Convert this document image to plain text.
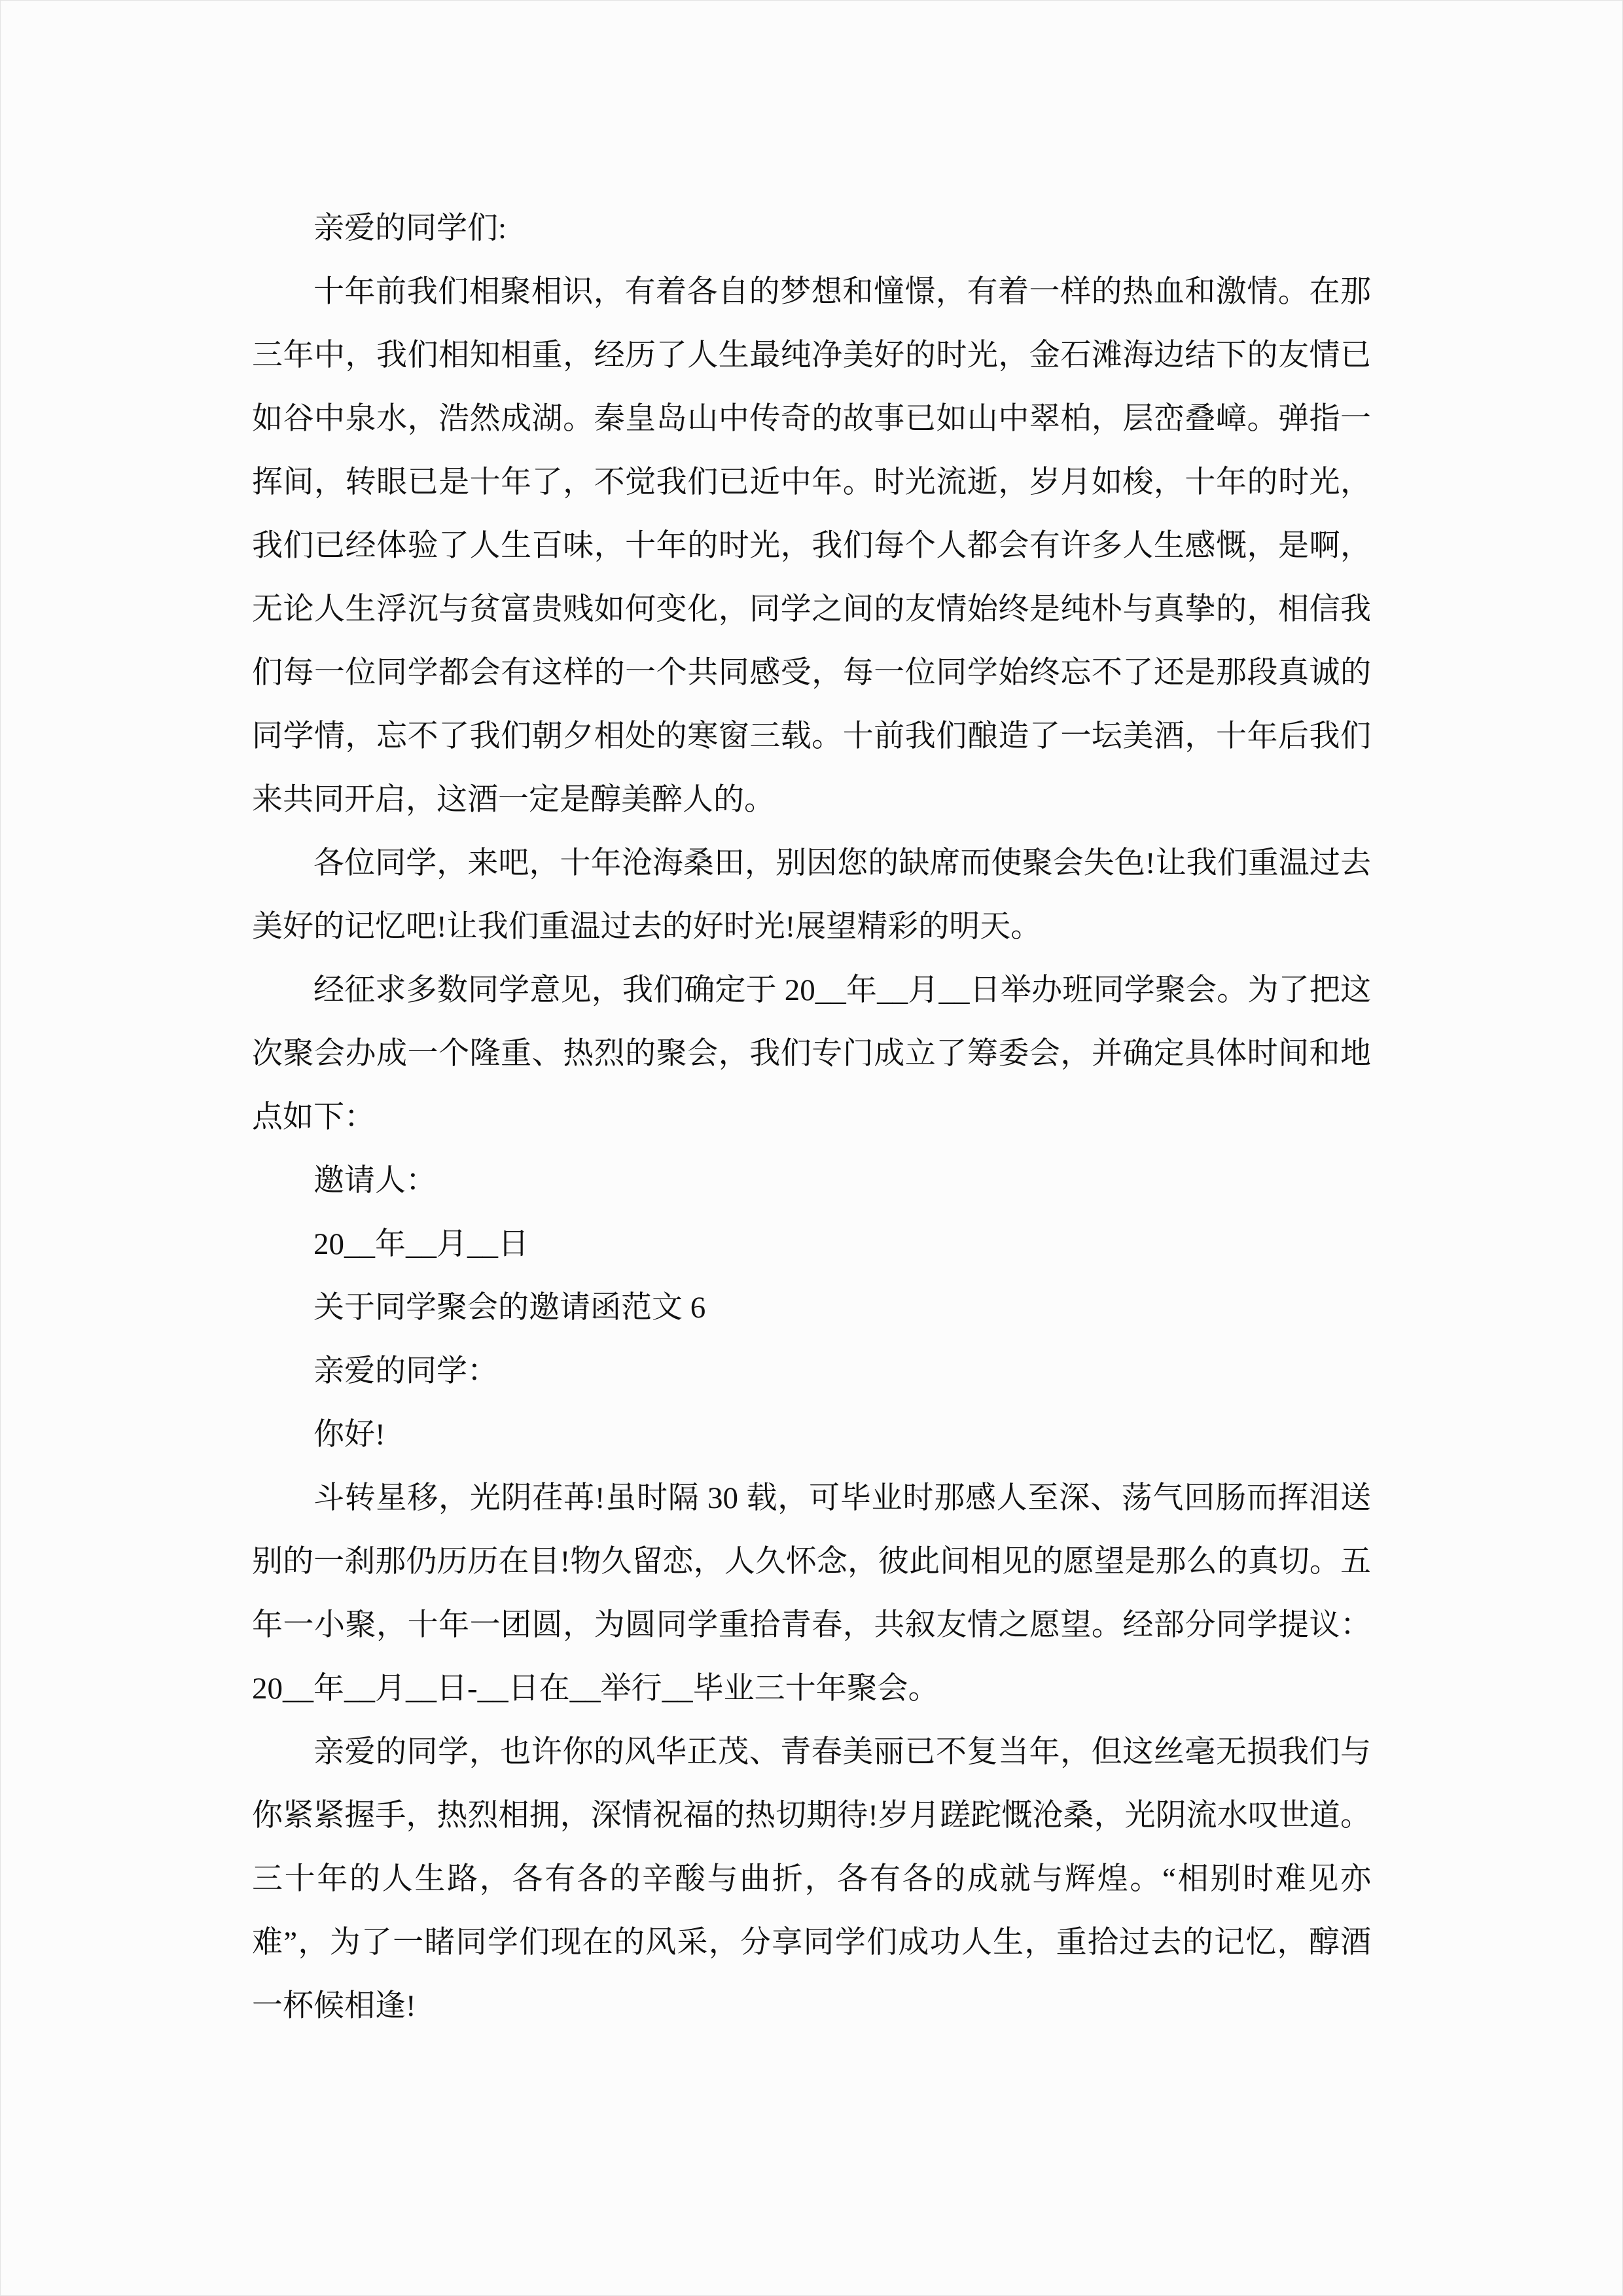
亲爱的同学们:

十年前我们相聚相识，有着各自的梦想和憧憬，有着一样的热血和激情。在那三年中，我们相知相重，经历了人生最纯净美好的时光，金石滩海边结下的友情已如谷中泉水，浩然成湖。秦皇岛山中传奇的故事已如山中翠柏，层峦叠嶂。弹指一挥间，转眼已是十年了，不觉我们已近中年。时光流逝，岁月如梭，十年的时光，我们已经体验了人生百味，十年的时光，我们每个人都会有许多人生感慨，是啊，无论人生浮沉与贫富贵贱如何变化，同学之间的友情始终是纯朴与真挚的，相信我们每一位同学都会有这样的一个共同感受，每一位同学始终忘不了还是那段真诚的同学情，忘不了我们朝夕相处的寒窗三载。十前我们酿造了一坛美酒，十年后我们来共同开启，这酒一定是醇美醉人的。

各位同学，来吧，十年沧海桑田，别因您的缺席而使聚会失色!让我们重温过去美好的记忆吧!让我们重温过去的好时光!展望精彩的明天。

经征求多数同学意见，我们确定于 20__年__月__日举办班同学聚会。为了把这次聚会办成一个隆重、热烈的聚会，我们专门成立了筹委会，并确定具体时间和地点如下：

邀请人：

20__年__月__日

关于同学聚会的邀请函范文 6

亲爱的同学：

你好!

斗转星移，光阴荏苒!虽时隔 30 载，可毕业时那感人至深、荡气回肠而挥泪送别的一刹那仍历历在目!物久留恋，人久怀念，彼此间相见的愿望是那么的真切。五年一小聚，十年一团圆，为圆同学重拾青春，共叙友情之愿望。经部分同学提议：20__年__月__日-__日在__举行__毕业三十年聚会。

亲爱的同学，也许你的风华正茂、青春美丽已不复当年，但这丝毫无损我们与你紧紧握手，热烈相拥，深情祝福的热切期待!岁月蹉跎慨沧桑，光阴流水叹世道。三十年的人生路，各有各的辛酸与曲折，各有各的成就与辉煌。“相别时难见亦难”，为了一睹同学们现在的风采，分享同学们成功人生，重拾过去的记忆，醇酒一杯候相逢!
